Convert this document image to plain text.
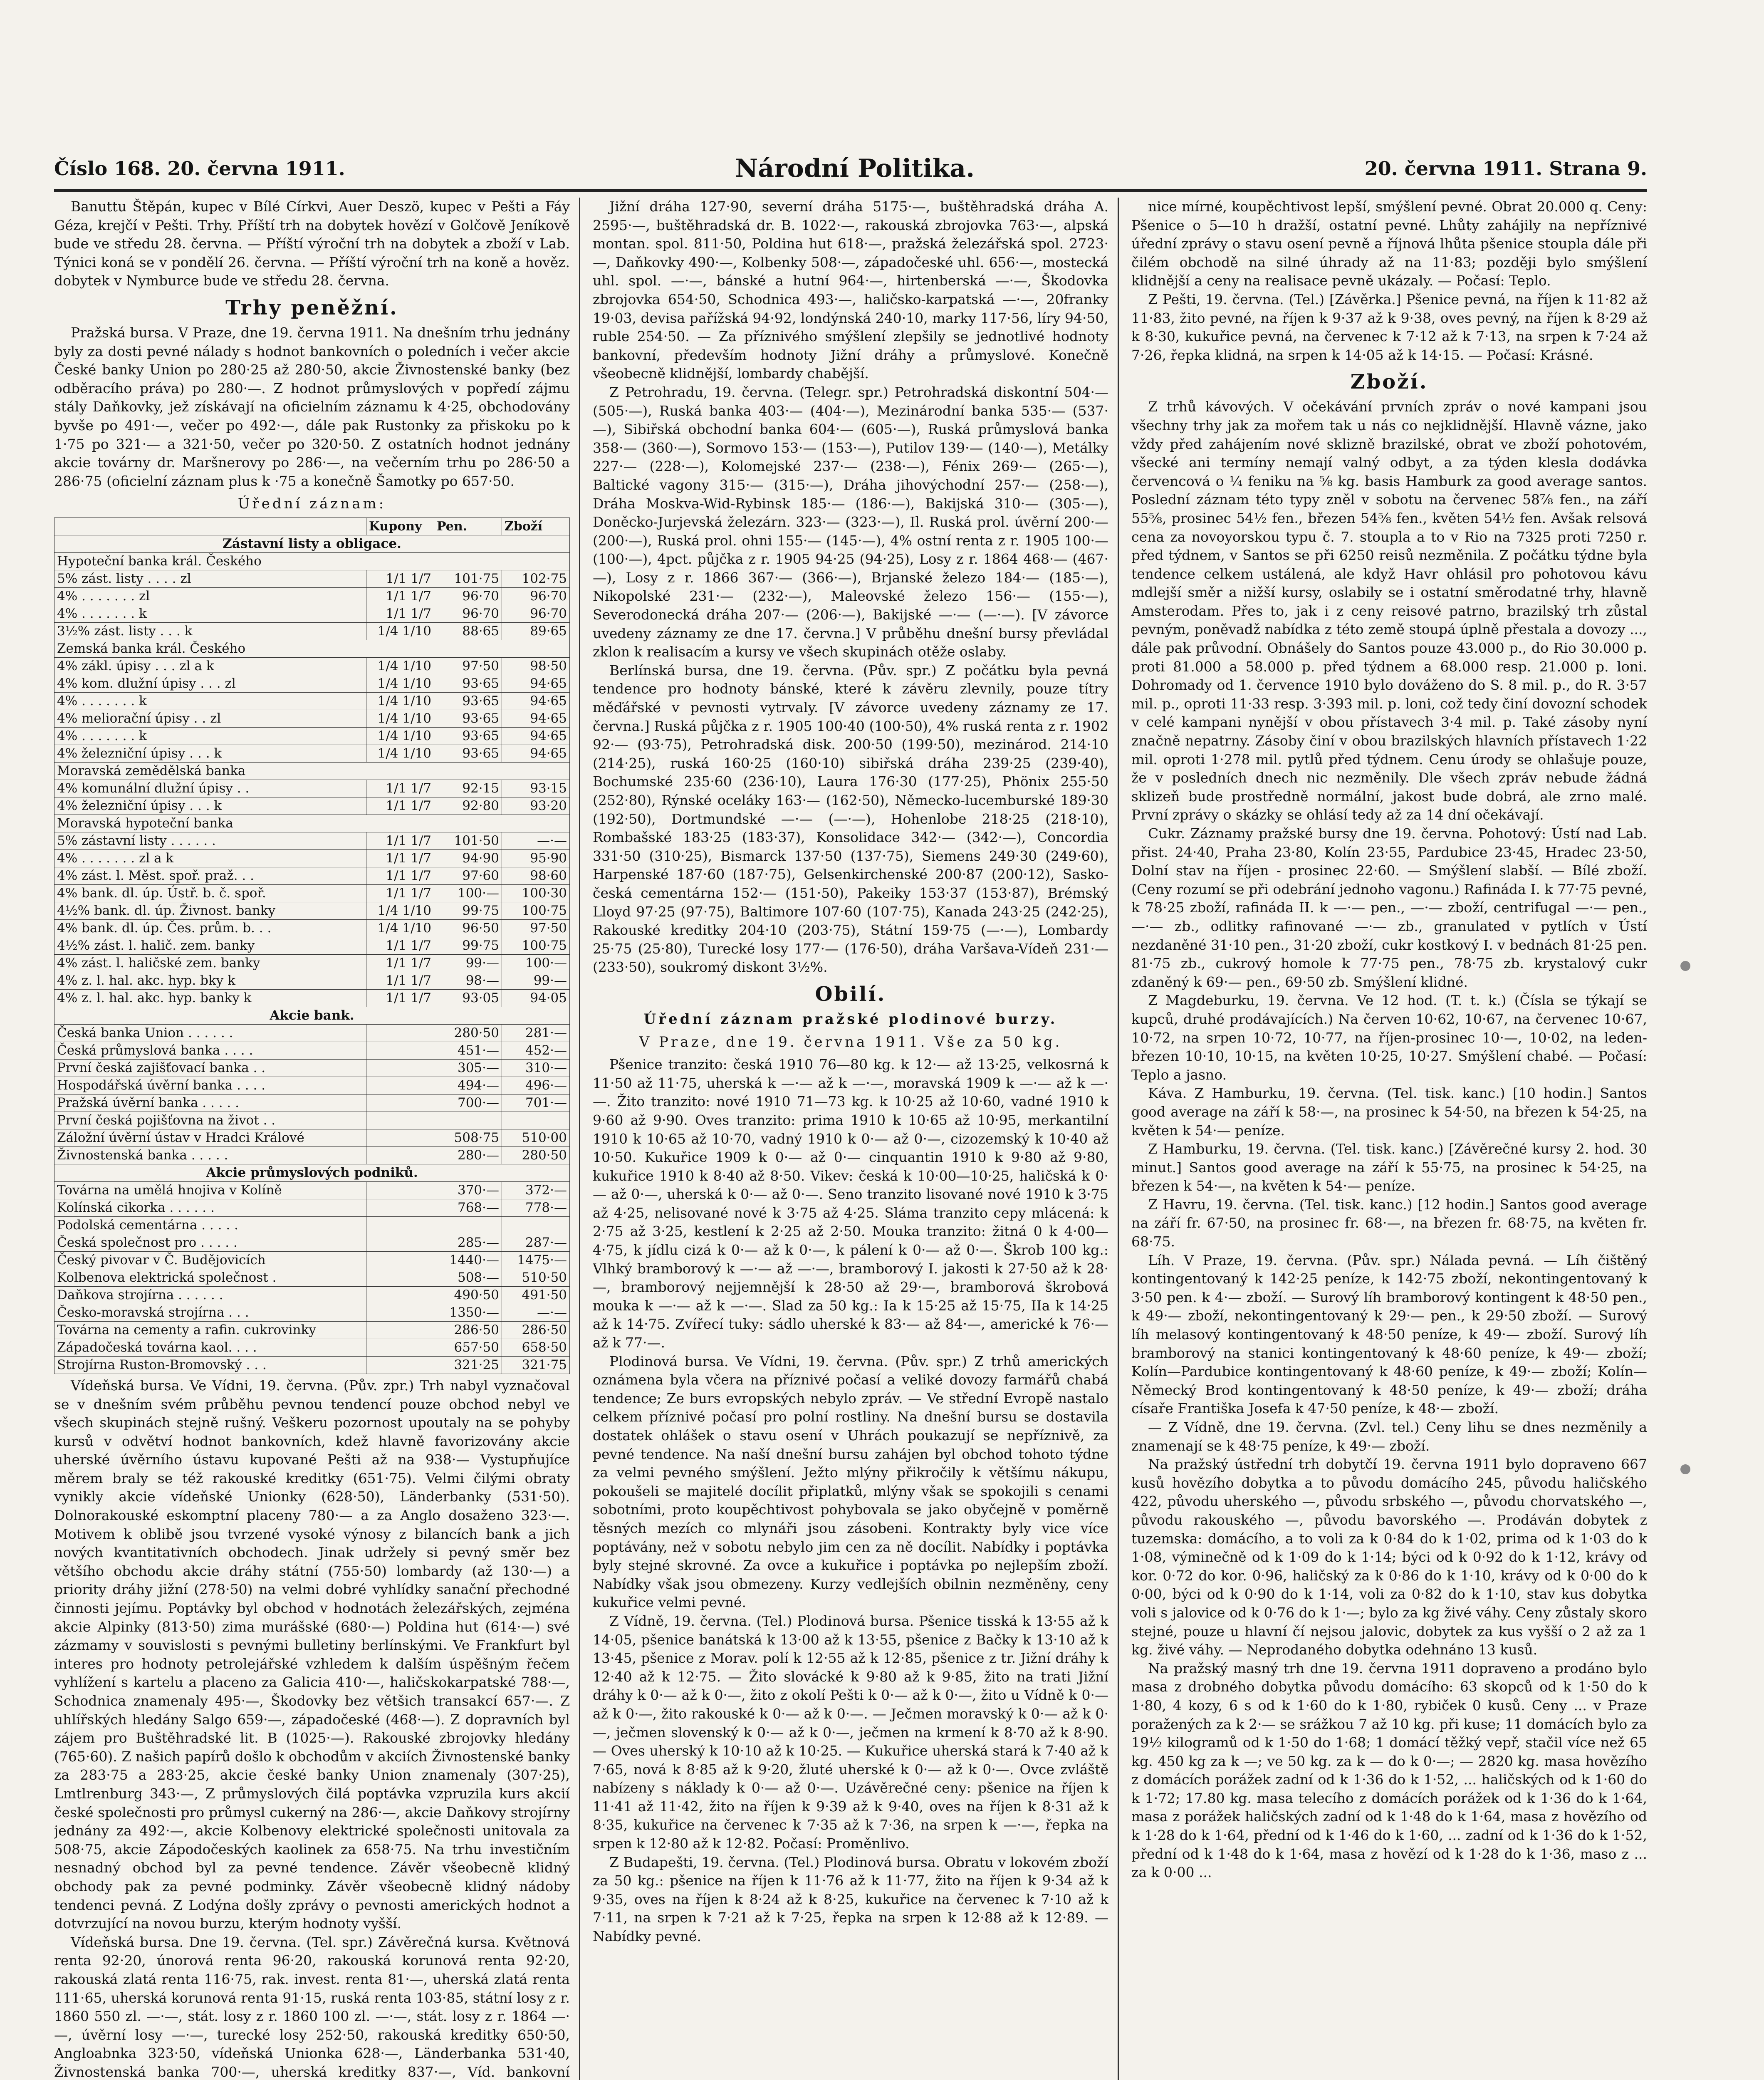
Číslo 168. 20. června 1911.	Národní Politika.	20. června 1911. Strana 9.

Banuttu Štěpán, kupec v Bílé Církvi, Auer Deszö, kupec v Pešti a Fáy Géza, krejčí v Pešti. Trhy. Příští trh na dobytek hovězí v Golčově Jeníkově bude ve středu 28. června. — Příští výroční trh na dobytek a zboží v Lab. Týnici koná se v pondělí 26. června. — Příští výroční trh na koně a hověz. dobytek v Nymburce bude ve středu 28. června.

Trhy peněžní.

Pražská bursa. V Praze, dne 19. června 1911. Na dnešním trhu jednány byly za dosti pevné nálady s hodnot bankovních o poledních i večer akcie České banky Union po 280·25 až 280·50, akcie Živnostenské banky (bez odběracího práva) po 280·—. Z hodnot průmyslových v popředí zájmu stály Daňkovky, jež získávají na oficielním záznamu k 4·25, obchodovány byvše po 491·—, večer po 492·—, dále pak Rustonky za přiskoku po k 1·75 po 321·— a 321·50, večer po 320·50. Z ostatních hodnot jednány akcie továrny dr. Maršnerovy po 286·—, na večerním trhu po 286·50 a 286·75 (oficielní záznam plus k ·75 a konečně Šamotky po 657·50.

Úřední záznam:
	Kupony	Pen.	Zboží
Zástavní listy a obligace.			
Hypoteční banka král. Českého			
5% zást. listy . . . . zl	1/1 1/7	101·75	102·75
4% . . . . . . . zl	1/1 1/7	96·70	96·70
4% . . . . . . . k	1/1 1/7	96·70	96·70
3½% zást. listy . . . k	1/4 1/10	88·65	89·65
Zemská banka král. Českého			
4% zákl. úpisy . . . zl a k	1/4 1/10	97·50	98·50
4% kom. dlužní úpisy . . . zl	1/4 1/10	93·65	94·65
4% . . . . . . . k	1/4 1/10	93·65	94·65
4% meliorační úpisy . . zl	1/4 1/10	93·65	94·65
4% . . . . . . . k	1/4 1/10	93·65	94·65
4% železniční úpisy . . . k	1/4 1/10	93·65	94·65
Moravská zemědělská banka			
4% komunální dlužní úpisy . .	1/1 1/7	92·15	93·15
4% železniční úpisy . . . k	1/1 1/7	92·80	93·20
Moravská hypoteční banka			
5% zástavní listy . . . . . .	1/1 1/7	101·50	—·—
4% . . . . . . . zl a k	1/1 1/7	94·90	95·90
4% zást. l. Měst. spoř. praž. . .	1/1 1/7	97·60	98·60
4% bank. dl. úp. Ústř. b. č. spoř.	1/1 1/7	100·—	100·30
4½% bank. dl. úp. Živnost. banky	1/4 1/10	99·75	100·75
4% bank. dl. úp. Čes. prům. b. . .	1/4 1/10	96·50	97·50
4½% zást. l. halič. zem. banky	1/1 1/7	99·75	100·75
4% zást. l. haličské zem. banky	1/1 1/7	99·—	100·—
4% z. l. hal. akc. hyp. bky k	1/1 1/7	98·—	99·—
4% z. l. hal. akc. hyp. banky k	1/1 1/7	93·05	94·05
Akcie bank.			
Česká banka Union . . . . . .		280·50	281·—
Česká průmyslová banka . . . .		451·—	452·—
První česká zajišťovací banka . .		305·—	310·—
Hospodářská úvěrní banka . . . .		494·—	496·—
Pražská úvěrní banka . . . . .		700·—	701·—
První česká pojišťovna na život . .			
Záložní úvěrní ústav v Hradci Králové		508·75	510·00
Živnostenská banka . . . . .		280·—	280·50
Akcie průmyslových podniků.			
Továrna na umělá hnojiva v Kolíně		370·—	372·—
Kolínská cikorka . . . . . .		768·—	778·—
Podolská cementárna . . . . .			
Česká společnost pro . . . . .		285·—	287·—
Český pivovar v Č. Budějovicích		1440·—	1475·—
Kolbenova elektrická společnost .		508·—	510·50
Daňkova strojírna . . . . . .		490·50	491·50
Česko-moravská strojírna . . .		1350·—	—·—
Továrna na cementy a rafin. cukrovinky		286·50	286·50
Západočeská továrna kaol. . . .		657·50	658·50
Strojírna Ruston-Bromovský . . .		321·25	321·75

Vídeňská bursa. Ve Vídni, 19. června. (Pův. zpr.) Trh nabyl vyznačoval se v dnešním svém průběhu pevnou tendencí pouze obchod nebyl ve všech skupinách stejně rušný. Veškeru pozornost upoutaly na se pohyby kursů v odvětví hodnot bankovních, kdež hlavně favorizovány akcie uherské úvěrního ústavu kupované Pešti až na 938·— Vystupňujíce měrem braly se též rakouské kreditky (651·75). Velmi čilými obraty vynikly akcie vídeňské Unionky (628·50), Länderbanky (531·50). Dolnorakouské eskomptní placeny 780·— a za Anglo dosaženo 323·—. Motivem k oblibě jsou tvrzené vysoké výnosy z bilancích bank a jich nových kvantitativních obchodech. Jinak udržely si pevný směr bez většího obchodu akcie dráhy státní (755·50) lombardy (až 130·—) a priority dráhy jižní (278·50) na velmi dobré vyhlídky sanační přechodné činnosti jejímu. Poptávky byl obchod v hodnotách železářských, zejména akcie Alpinky (813·50) zima murášské (680·—) Poldina hut (614·—) své zázmamy v souvislosti s pevnými bulletiny berlínskými. Ve Frankfurt byl interes pro hodnoty petrolejářské vzhledem k dalším úspěšným řečem vyhlížení s kartelu a placeno za Galicia 410·—, haličskokarpatské 788·—, Schodnica znamenaly 495·—, Škodovky bez většich transakcí 657·—. Z uhlířských hledány Salgo 659·—, západočeské (468·—). Z dopravních byl zájem pro Buštěhradské lit. B (1025·—). Rakouské zbrojovky hledány (765·60). Z našich papírů došlo k obchodům v akciích Živnostenské banky za 283·75 a 283·25, akcie české banky Union znamenaly (307·25), Lmtlrenburg 343·—, Z průmyslových čilá poptávka vzpruzila kurs akcií české společnosti pro průmysl cukerný na 286·—, akcie Daňkovy strojírny jednány za 492·—, akcie Kolbenovy elektrické společnosti unitovala za 508·75, akcie Zápodočeských kaolinek za 658·75. Na trhu investičním nesnadný obchod byl za pevné tendence. Závěr všeobecně klidný obchody pak za pevné podminky. Závěr všeobecně klidný nádoby tendenci pevná. Z Lodýna došly zprávy o pevnosti amerických hodnot a dotvrzující na novou burzu, kterým hodnoty vyšší.

Vídeňská bursa. Dne 19. června. (Tel. spr.) Závěrečná kursa. Květnová renta 92·20, únorová renta 96·20, rakouská korunová renta 92·20, rakouská zlatá renta 116·75, rak. invest. renta 81·—, uherská zlatá renta 111·65, uherská korunová renta 91·15, ruská renta 103·85, státní losy z r. 1860 550 zl. —·—, stát. losy z r. 1860 100 zl. —·—, stát. losy z r. 1864 —·—, úvěrní losy —·—, turecké losy 252·50, rakouská kreditky 650·50, Angloabnka 323·50, vídeňská Unionka 628·—, Länderbanka 531·40, Živnostenská banka 700·—, uherská kreditky 837·—, Víd. bankovní

Jižní dráha 127·90, severní dráha 5175·—, buštěhradská dráha A. 2595·—, buštěhradská dr. B. 1022·—, rakouská zbrojovka 763·—, alpská montan. spol. 811·50, Poldina hut 618·—, pražská železářská spol. 2723·—, Daňkovky 490·—, Kolbenky 508·—, západočeské uhl. 656·—, mostecká uhl. spol. —·—, bánské a hutní 964·—, hirtenberská —·—, Škodovka zbrojovka 654·50, Schodnica 493·—, haličsko-karpatská —·—, 20franky 19·03, devisa pařížská 94·92, londýnská 240·10, marky 117·56, líry 94·50, ruble 254·50. — Za příznivého smýšlení zlepšily se jednotlivé hodnoty bankovní, především hodnoty Jižní dráhy a průmyslové. Konečně všeobecně klidnější, lombardy chabější.

Z Petrohradu, 19. června. (Telegr. spr.) Petrohradská diskontní 504·— (505·—), Ruská banka 403·— (404·—), Mezinárodní banka 535·— (537·—), Sibiřská obchodní banka 604·— (605·—), Ruská průmyslová banka 358·— (360·—), Sormovo 153·— (153·—), Putilov 139·— (140·—), Metálky 227·— (228·—), Kolomejské 237·— (238·—), Fénix 269·— (265·—), Baltické vagony 315·— (315·—), Dráha jihovýchodní 257·— (258·—), Dráha Moskva-Wid-Rybinsk 185·— (186·—), Bakijská 310·— (305·—), Doněcko-Jurjevská železárn. 323·— (323·—), Il. Ruská prol. úvěrní 200·— (200·—), Ruská prol. ohni 155·— (145·—), 4% ostní renta z r. 1905 100·— (100·—), 4pct. půjčka z r. 1905 94·25 (94·25), Losy z r. 1864 468·— (467·—), Losy z r. 1866 367·— (366·—), Brjanské železo 184·— (185·—), Nikopolské 231·— (232·—), Maleovské železo 156·— (155·—), Severodonecká dráha 207·— (206·—), Bakijské —·— (—·—). [V závorce uvedeny záznamy ze dne 17. června.] V průběhu dnešní bursy převládal zklon k realisacím a kursy ve všech skupinách otěže oslaby.

Berlínská bursa, dne 19. června. (Pův. spr.) Z počátku byla pevná tendence pro hodnoty bánské, které k závěru zlevnily, pouze títry měďářské v pevnosti vytrvaly. [V závorce uvedeny záznamy ze 17. června.] Ruská půjčka z r. 1905 100·40 (100·50), 4% ruská renta z r. 1902 92·— (93·75), Petrohradská disk. 200·50 (199·50), mezinárod. 214·10 (214·25), ruská 160·25 (160·10) sibiřská dráha 239·25 (239·40), Bochumské 235·60 (236·10), Laura 176·30 (177·25), Phönix 255·50 (252·80), Rýnské oceláky 163·— (162·50), Německo-lucemburské 189·30 (192·50), Dortmundské —·— (—·—), Hohenlobe 218·25 (218·10), Rombašské 183·25 (183·37), Konsolidace 342·— (342·—), Concordia 331·50 (310·25), Bismarck 137·50 (137·75), Siemens 249·30 (249·60), Harpenské 187·60 (187·75), Gelsenkirchenské 200·87 (200·12), Sasko-česká cementárna 152·— (151·50), Pakeiky 153·37 (153·87), Brémský Lloyd 97·25 (97·75), Baltimore 107·60 (107·75), Kanada 243·25 (242·25), Rakouské kreditky 204·10 (203·75), Státní 159·75 (—·—), Lombardy 25·75 (25·80), Turecké losy 177·— (176·50), dráha Varšava-Vídeň 231·— (233·50), soukromý diskont 3½%.

Obilí.
Úřední záznam pražské plodinové burzy.
V Praze, dne 19. června 1911. Vše za 50 kg.

Pšenice tranzito: česká 1910 76—80 kg. k 12·— až 13·25, velkosrná k 11·50 až 11·75, uherská k —·— až k —·—, moravská 1909 k —·— až k —·—. Žito tranzito: nové 1910 71—73 kg. k 10·25 až 10·60, vadné 1910 k 9·60 až 9·90. Oves tranzito: prima 1910 k 10·65 až 10·95, merkantilní 1910 k 10·65 až 10·70, vadný 1910 k 0·— až 0·—, cizozemský k 10·40 až 10·50. Kukuřice 1909 k 0·— až 0·— cinquantin 1910 k 9·80 až 9·80, kukuřice 1910 k 8·40 až 8·50. Vikev: česká k 10·00—10·25, haličská k 0·— až 0·—, uherská k 0·— až 0·—. Seno tranzito lisované nové 1910 k 3·75 až 4·25, nelisované nové k 3·75 až 4·25. Sláma tranzito cepy mlácená: k 2·75 až 3·25, kestlení k 2·25 až 2·50. Mouka tranzito: žitná 0 k 4·00—4·75, k jídlu cizá k 0·— až k 0·—, k pálení k 0·— až 0·—. Škrob 100 kg.: Vlhký bramborový k —·— až —·—, bramborový I. jakosti k 27·50 až k 28·—, bramborový nejjemnější k 28·50 až 29·—, bramborová škrobová mouka k —·— až k —·—. Slad za 50 kg.: Ia k 15·25 až 15·75, IIa k 14·25 až k 14·75. Zvířecí tuky: sádlo uherské k 83·— až 84·—, americké k 76·— až k 77·—.

Plodinová bursa. Ve Vídni, 19. června. (Pův. spr.) Z trhů amerických oznámena byla včera na příznivé počasí a veliké dovozy farmářů chabá tendence; Ze burs evropských nebylo zpráv. — Ve střední Evropě nastalo celkem příznivé počasí pro polní rostliny. Na dnešní bursu se dostavila dostatek ohlášek o stavu osení v Uhrách poukazují se nepříznivě, za pevné tendence. Na naší dnešní bursu zahájen byl obchod tohoto týdne za velmi pevného smýšlení. Ježto mlýny přikročily k většímu nákupu, pokoušeli se majitelé docílit připlatků, mlýny však se spokojili s cenami sobotními, proto koupěchtivost pohybovala se jako obyčejně v poměrně těsných mezích co mlynáři jsou zásobeni. Kontrakty byly vice více poptávány, než v sobotu nebylo jim cen za ně docílit. Nabídky i poptávka byly stejné skrovné. Za ovce a kukuřice i poptávka po nejlepším zboží. Nabídky však jsou obmezeny. Kurzy vedlejších obilnin nezměněny, ceny kukuřice velmi pevné.

Z Vídně, 19. června. (Tel.) Plodinová bursa. Pšenice tisská k 13·55 až k 14·05, pšenice banátská k 13·00 až k 13·55, pšenice z Bačky k 13·10 až k 13·45, pšenice z Morav. polí k 12·55 až k 12·85, pšenice z tr. Jižní dráhy k 12·40 až k 12·75. — Žito slovácké k 9·80 až k 9·85, žito na trati Jižní dráhy k 0·— až k 0·—, žito z okolí Pešti k 0·— až k 0·—, žito u Vídně k 0·— až k 0·—, žito rakouské k 0·— až k 0·—. — Ječmen moravský k 0·— až k 0·—, ječmen slovenský k 0·— až k 0·—, ječmen na krmení k 8·70 až k 8·90. — Oves uherský k 10·10 až k 10·25. — Kukuřice uherská stará k 7·40 až k 7·65, nová k 8·85 až k 9·20, žluté uherské k 0·— až k 0·—. Ovce zvláště nabízeny s náklady k 0·— až 0·—. Uzávěrečné ceny: pšenice na říjen k 11·41 až 11·42, žito na říjen k 9·39 až k 9·40, oves na říjen k 8·31 až k 8·35, kukuřice na červenec k 7·35 až k 7·36, na srpen k —·—, řepka na srpen k 12·80 až k 12·82. Počasí: Proměnlivo.

Z Budapešti, 19. června. (Tel.) Plodinová bursa. Obratu v lokovém zboží za 50 kg.: pšenice na říjen k 11·76 až k 11·77, žito na říjen k 9·34 až k 9·35, oves na říjen k 8·24 až k 8·25, kukuřice na červenec k 7·10 až k 7·11, na srpen k 7·21 až k 7·25, řepka na srpen k 12·88 až k 12·89. — Nabídky pevné.

nice mírné, koupěchtivost lepší, smýšlení pevné. Obrat 20.000 q. Ceny: Pšenice o 5—10 h dražší, ostatní pevné. Lhůty zahájily na nepříznivé úřední zprávy o stavu osení pevně a říjnová lhůta pšenice stoupla dále při čilém obchodě na silné úhrady až na 11·83; později bylo smýšlení klidnější a ceny na realisace pevně ukázaly. — Počasí: Teplo.

Z Pešti, 19. června. (Tel.) [Závěrka.] Pšenice pevná, na říjen k 11·82 až 11·83, žito pevné, na říjen k 9·37 až k 9·38, oves pevný, na říjen k 8·29 až k 8·30, kukuřice pevná, na červenec k 7·12 až k 7·13, na srpen k 7·24 až 7·26, řepka klidná, na srpen k 14·05 až k 14·15. — Počasí: Krásné.

Zboží.

Z trhů kávových. V očekávání prvních zpráv o nové kampani jsou všechny trhy jak za mořem tak u nás co nejklidnější. Hlavně vázne, jako vždy před zahájením nové sklizně brazilské, obrat ve zboží pohotovém, všecké ani termíny nemají valný odbyt, a za týden klesla dodávka červencová o ¼ feniku na ⅝ kg. basis Hamburk za good average santos. Poslední záznam této typy zněl v sobotu na červenec 58⅞ fen., na září 55⅝, prosinec 54½ fen., březen 54⅝ fen., květen 54½ fen. Avšak relsová cena za novoyorskou typu č. 7. stoupla a to v Rio na 7325 proti 7250 r. před týdnem, v Santos se při 6250 reisů nezměnila. Z počátku týdne byla tendence celkem ustálená, ale když Havr ohlásil pro pohotovou kávu mdlejší směr a nižší kursy, oslabily se i ostatní směrodatné trhy, hlavně Amsterodam. Přes to, jak i z ceny reisové patrno, brazilský trh zůstal pevným, poněvadž nabídka z této země stoupá úplně přestala a dovozy ..., dále pak průvodní. Obnášely do Santos pouze 43.000 p., do Rio 30.000 p. proti 81.000 a 58.000 p. před týdnem a 68.000 resp. 21.000 p. loni. Dohromady od 1. července 1910 bylo dováženo do S. 8 mil. p., do R. 3·57 mil. p., oproti 11·33 resp. 3·393 mil. p. loni, což tedy činí dovozní schodek v celé kampani nynější v obou přístavech 3·4 mil. p. Také zásoby nyní značně nepatrny. Zásoby činí v obou brazilských hlavních přístavech 1·22 mil. oproti 1·278 mil. pytlů před týdnem. Cenu úrody se ohlašuje pouze, že v posledních dnech nic nezměnily. Dle všech zpráv nebude žádná sklizeň bude prostředně normální, jakost bude dobrá, ale zrno malé. První zprávy o skázky se ohlásí tedy až za 14 dní očekávají.

Cukr. Záznamy pražské bursy dne 19. června. Pohotový: Ústí nad Lab. přist. 24·40, Praha 23·80, Kolín 23·55, Pardubice 23·45, Hradec 23·50, Dolní stav na říjen - prosinec 22·60. — Smýšlení slabší. — Bílé zboží. (Ceny rozumí se při odebrání jednoho vagonu.) Rafináda I. k 77·75 pevné, k 78·25 zboží, rafináda II. k —·— pen., —·— zboží, centrifugal —·— pen., —·— zb., odlitky rafinované —·— zb., granulated v pytlích v Ústí nezdaněné 31·10 pen., 31·20 zboží, cukr kostkový I. v bednách 81·25 pen. 81·75 zb., cukrový homole k 77·75 pen., 78·75 zb. krystalový cukr zdaněný k 69·— pen., 69·50 zb. Smýšlení klidné.

Z Magdeburku, 19. června. Ve 12 hod. (T. t. k.) (Čísla se týkají se kupců, druhé prodávajících.) Na červen 10·62, 10·67, na červenec 10·67, 10·72, na srpen 10·72, 10·77, na říjen-prosinec 10·—, 10·02, na leden-březen 10·10, 10·15, na květen 10·25, 10·27. Smýšlení chabé. — Počasí: Teplo a jasno.

Káva. Z Hamburku, 19. června. (Tel. tisk. kanc.) [10 hodin.] Santos good average na září k 58·—, na prosinec k 54·50, na březen k 54·25, na květen k 54·— peníze.

Z Hamburku, 19. června. (Tel. tisk. kanc.) [Závěrečné kursy 2. hod. 30 minut.] Santos good average na září k 55·75, na prosinec k 54·25, na březen k 54·—, na květen k 54·— peníze.

Z Havru, 19. června. (Tel. tisk. kanc.) [12 hodin.] Santos good average na září fr. 67·50, na prosinec fr. 68·—, na březen fr. 68·75, na květen fr. 68·75.

Líh. V Praze, 19. června. (Pův. spr.) Nálada pevná. — Líh čištěný kontingentovaný k 142·25 peníze, k 142·75 zboží, nekontingentovaný k 3·50 pen. k 4·— zboží. — Surový líh bramborový kontingent k 48·50 pen., k 49·— zboží, nekontingentovaný k 29·— pen., k 29·50 zboží. — Surový líh melasový kontingentovaný k 48·50 peníze, k 49·— zboží. Surový líh bramborový na stanici kontingentovaný k 48·60 peníze, k 49·— zboží; Kolín—Pardubice kontingentovaný k 48·60 peníze, k 49·— zboží; Kolín—Německý Brod kontingentovaný k 48·50 peníze, k 49·— zboží; dráha císaře Františka Josefa k 47·50 peníze, k 48·— zboží.

— Z Vídně, dne 19. června. (Zvl. tel.) Ceny lihu se dnes nezměnily a znamenají se k 48·75 peníze, k 49·— zboží.

Na pražský ústřední trh dobytčí 19. června 1911 bylo dopraveno 667 kusů hovězího dobytka a to původu domácího 245, původu haličského 422, původu uherského —, původu srbského —, původu chorvatského —, původu rakouského —, původu bavorského —. Prodáván dobytek z tuzemska: domácího, a to voli za k 0·84 do k 1·02, prima od k 1·03 do k 1·08, výminečně od k 1·09 do k 1·14; býci od k 0·92 do k 1·12, krávy od kor. 0·72 do kor. 0·96, haličský za k 0·86 do k 1·10, krávy od k 0·00 do k 0·00, býci od k 0·90 do k 1·14, voli za 0·82 do k 1·10, stav kus dobytka voli s jalovice od k 0·76 do k 1·—; bylo za kg živé váhy. Ceny zůstaly skoro stejné, pouze u hlavní čí nejsou jalovic, dobytek za kus vyšší o 2 až za 1 kg. živé váhy. — Neprodaného dobytka odehnáno 13 kusů.

Na pražský masný trh dne 19. června 1911 dopraveno a prodáno bylo masa z drobného dobytka původu domácího: 63 skopců od k 1·50 do k 1·80, 4 kozy, 6 s od k 1·60 do k 1·80, rybiček 0 kusů. Ceny ... v Praze poražených za k 2·— se srážkou 7 až 10 kg. při kuse; 11 domácích bylo za 19½ kilogramů od k 1·50 do 1·68; 1 domácí těžký vepř, stačil více než 65 kg. 450 kg za k —; ve 50 kg. za k — do k 0·—; — 2820 kg. masa hovězího z domácích porážek zadní od k 1·36 do k 1·52, ... haličských od k 1·60 do k 1·72; 17.80 kg. masa telecího z domácích porážek od k 1·36 do k 1·64, masa z porážek haličských zadní od k 1·48 do k 1·64, masa z hovězího od k 1·28 do k 1·64, přední od k 1·46 do k 1·60, ... zadní od k 1·36 do k 1·52, přední od k 1·48 do k 1·64, masa z hovězí od k 1·28 do k 1·36, maso z ... za k 0·00 ...
